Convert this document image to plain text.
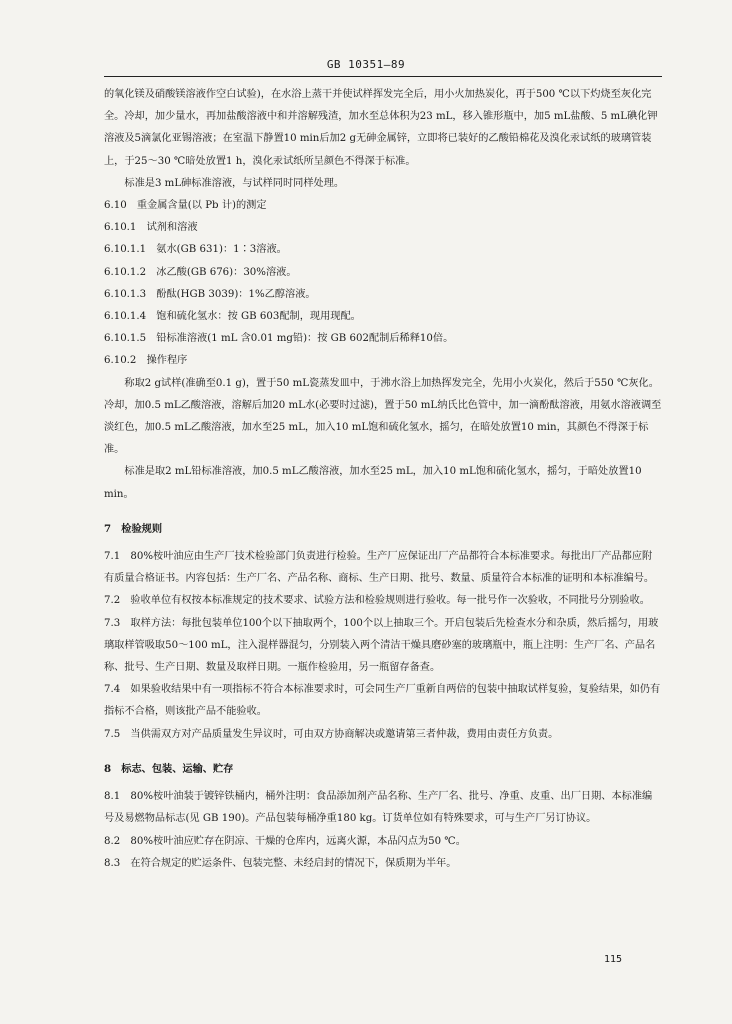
GB 10351—89

的氧化镁及硝酸镁溶液作空白试验)，在水浴上蒸干并使试样挥发完全后，用小火加热炭化，再于500 ℃以下灼烧至灰化完全。冷却，加少量水，再加盐酸溶液中和并溶解残渣，加水至总体积为23 mL，移入锥形瓶中，加5 mL盐酸、5 mL碘化钾溶液及5滴氯化亚锡溶液；在室温下静置10 min后加2 g无砷金属锌，立即将已装好的乙酸铅棉花及溴化汞试纸的玻璃管装上，于25～30 ℃暗处放置1 h，溴化汞试纸所呈颜色不得深于标准。

标准是3 mL砷标准溶液，与试样同时同样处理。

6.10　重金属含量(以 Pb 计)的测定

6.10.1　试剂和溶液

6.10.1.1　氨水(GB 631)：1∶3溶液。

6.10.1.2　冰乙酸(GB 676)：30%溶液。

6.10.1.3　酚酞(HGB 3039)：1%乙醇溶液。

6.10.1.4　饱和硫化氢水：按 GB 603配制，现用现配。

6.10.1.5　铅标准溶液(1 mL 含0.01 mg铅)：按 GB 602配制后稀释10倍。

6.10.2　操作程序

称取2 g试样(准确至0.1 g)，置于50 mL瓷蒸发皿中，于沸水浴上加热挥发完全，先用小火炭化，然后于550 ℃灰化。冷却，加0.5 mL乙酸溶液，溶解后加20 mL水(必要时过滤)，置于50 mL纳氏比色管中，加一滴酚酞溶液，用氨水溶液调至淡红色，加0.5 mL乙酸溶液，加水至25 mL，加入10 mL饱和硫化氢水，摇匀，在暗处放置10 min，其颜色不得深于标准。

标准是取2 mL铅标准溶液，加0.5 mL乙酸溶液，加水至25 mL，加入10 mL饱和硫化氢水，摇匀，于暗处放置10 min。

7　检验规则

7.1　80%桉叶油应由生产厂技术检验部门负责进行检验。生产厂应保证出厂产品都符合本标准要求。每批出厂产品都应附有质量合格证书。内容包括：生产厂名、产品名称、商标、生产日期、批号、数量、质量符合本标准的证明和本标准编号。

7.2　验收单位有权按本标准规定的技术要求、试验方法和检验规则进行验收。每一批号作一次验收，不同批号分别验收。

7.3　取样方法：每批包装单位100个以下抽取两个，100个以上抽取三个。开启包装后先检查水分和杂质，然后摇匀，用玻璃取样管吸取50～100 mL，注入混样器混匀，分别装入两个清洁干燥具磨砂塞的玻璃瓶中，瓶上注明：生产厂名、产品名称、批号、生产日期、数量及取样日期。一瓶作检验用，另一瓶留存备查。

7.4　如果验收结果中有一项指标不符合本标准要求时，可会同生产厂重新自两倍的包装中抽取试样复验，复验结果，如仍有指标不合格，则该批产品不能验收。

7.5　当供需双方对产品质量发生异议时，可由双方协商解决或邀请第三者仲裁，费用由责任方负责。

8　标志、包装、运输、贮存

8.1　80%桉叶油装于镀锌铁桶内，桶外注明：食品添加剂产品名称、生产厂名、批号、净重、皮重、出厂日期、本标准编号及易燃物品标志(见 GB 190)。产品包装每桶净重180 kg。订货单位如有特殊要求，可与生产厂另订协议。

8.2　80%桉叶油应贮存在阴凉、干燥的仓库内，远离火源，本品闪点为50 ℃。

8.3　在符合规定的贮运条件、包装完整、未经启封的情况下，保质期为半年。

115
